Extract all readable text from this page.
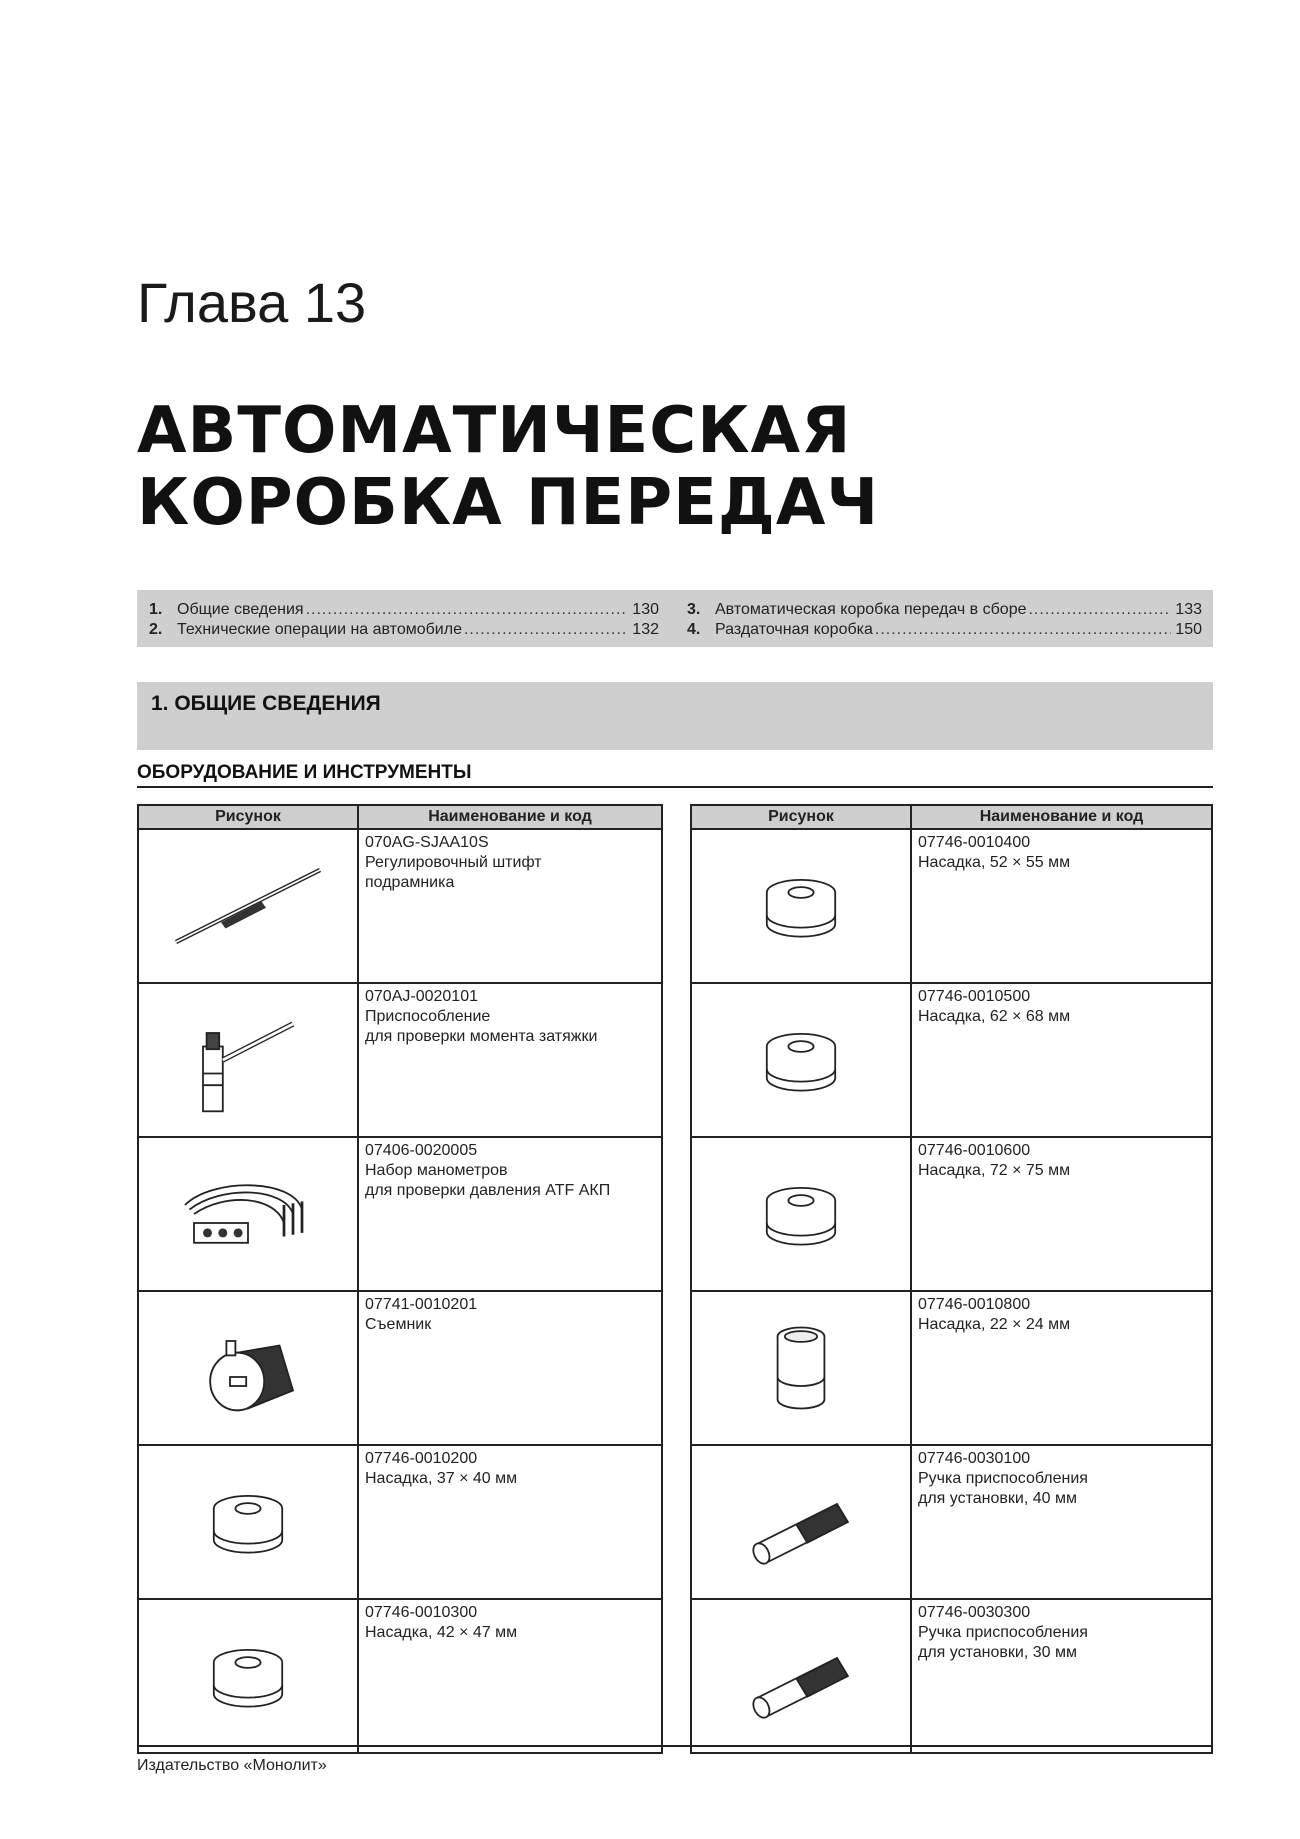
Глава 13
АВТОМАТИЧЕСКАЯ
КОРОБКА ПЕРЕДАЧ
1. Общие сведения .....	130
2. Технические операции на автомобиле .....	132
3. Автоматическая коробка передач в сборе .....	133
4. Раздаточная коробка .....	150
1. ОБЩИЕ СВЕДЕНИЯ
ОБОРУДОВАНИЕ И ИНСТРУМЕНТЫ
Рисунок	Наименование и код

070AG-SJAA10S
Регулировочный штифт
подрамника

070AJ-0020101
Приспособление
для проверки момента затяжки

07406-0020005
Набор манометров
для проверки давления ATF АКП

07741-0010201
Съемник

07746-0010200
Насадка, 37 × 40 мм

07746-0010300
Насадка, 42 × 47 мм
Рисунок	Наименование и код

07746-0010400
Насадка, 52 × 55 мм

07746-0010500
Насадка, 62 × 68 мм

07746-0010600
Насадка, 72 × 75 мм

07746-0010800
Насадка, 22 × 24 мм

07746-0030100
Ручка приспособления
для установки, 40 мм

07746-0030300
Ручка приспособления
для установки, 30 мм
Издательство «Монолит»
